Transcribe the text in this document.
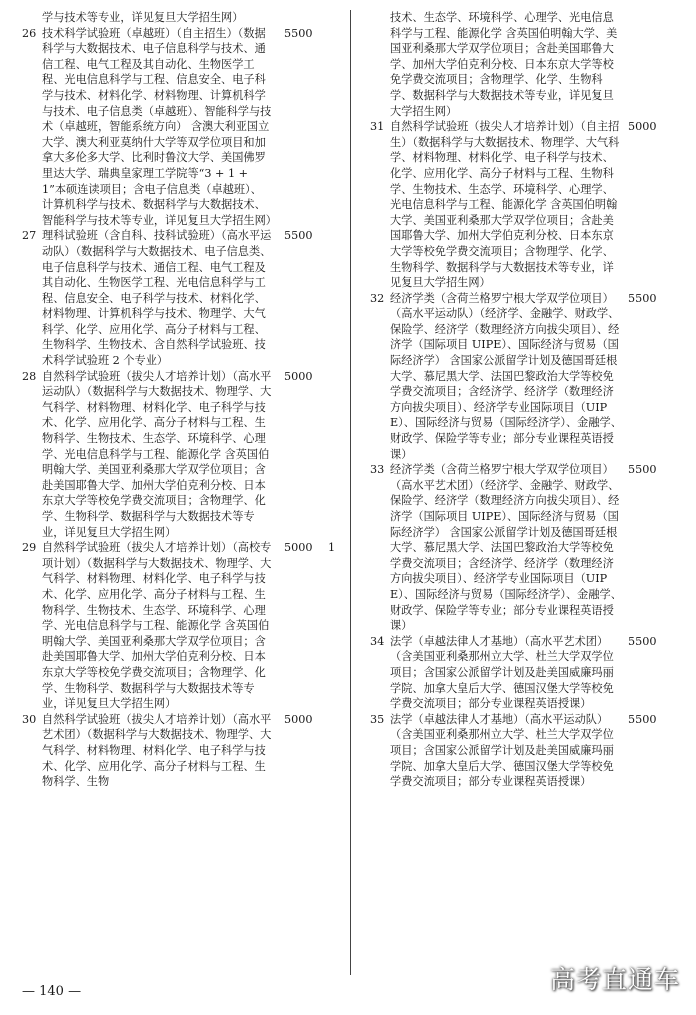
学与技术等专业，详见复旦大学招生网）
26 技术科学试验班（卓越班）（自主招生）（数据科学与大数据技术、电子信息科学与技术、通信工程、电气工程及其自动化、生物医学工程、光电信息科学与工程、信息安全、电子科学与技术、材料化学、材料物理、计算机科学与技术、电子信息类（卓越班）、智能科学与技术（卓越班，智能系统方向） 含澳大利亚国立大学、澳大利亚莫纳什大学等双学位项目和加拿大多伦多大学、比利时鲁汶大学、美国佛罗里达大学、瑞典皇家理工学院等“3 + 1 + 1”本硕连读项目；含电子信息类（卓越班）、计算机科学与技术、数据科学与大数据技术、智能科学与技术等专业，详见复旦大学招生网）
5500
27 理科试验班（含自科、技科试验班）（高水平运动队）（数据科学与大数据技术、电子信息类、电子信息科学与技术、通信工程、电气工程及其自动化、生物医学工程、光电信息科学与工程、信息安全、电子科学与技术、材料化学、材料物理、计算机科学与技术、物理学、大气科学、化学、应用化学、高分子材料与工程、生物科学、生物技术、含自然科学试验班、技术科学试验班 2 个专业）
5500
28 自然科学试验班（拔尖人才培养计划）（高水平运动队）（数据科学与大数据技术、物理学、大气科学、材料物理、材料化学、电子科学与技术、化学、应用化学、高分子材料与工程、生物科学、生物技术、生态学、环境科学、心理学、光电信息科学与工程、能源化学 含英国伯明翰大学、美国亚利桑那大学双学位项目；含赴美国耶鲁大学、加州大学伯克利分校、日本东京大学等校免学费交流项目；含物理学、化学、生物科学、数据科学与大数据技术等专业，详见复旦大学招生网）
5000
29 自然科学试验班（拔尖人才培养计划）（高校专项计划）（数据科学与大数据技术、物理学、大气科学、材料物理、材料化学、电子科学与技术、化学、应用化学、高分子材料与工程、生物科学、生物技术、生态学、环境科学、心理学、光电信息科学与工程、能源化学 含英国伯明翰大学、美国亚利桑那大学双学位项目；含赴美国耶鲁大学、加州大学伯克利分校、日本东京大学等校免学费交流项目；含物理学、化学、生物科学、数据科学与大数据技术等专业，详见复旦大学招生网）
5000 1
30 自然科学试验班（拔尖人才培养计划）（高水平艺术团）（数据科学与大数据技术、物理学、大气科学、材料物理、材料化学、电子科学与技术、化学、应用化学、高分子材料与工程、生物科学、生物
5000
技术、生态学、环境科学、心理学、光电信息科学与工程、能源化学 含英国伯明翰大学、美国亚利桑那大学双学位项目；含赴美国耶鲁大学、加州大学伯克利分校、日本东京大学等校免学费交流项目；含物理学、化学、生物科学、数据科学与大数据技术等专业，详见复旦大学招生网）
31 自然科学试验班（拔尖人才培养计划）（自主招生）（数据科学与大数据技术、物理学、大气科学、材料物理、材料化学、电子科学与技术、化学、应用化学、高分子材料与工程、生物科学、生物技术、生态学、环境科学、心理学、光电信息科学与工程、能源化学 含英国伯明翰大学、美国亚利桑那大学双学位项目；含赴美国耶鲁大学、加州大学伯克利分校、日本东京大学等校免学费交流项目；含物理学、化学、生物科学、数据科学与大数据技术等专业，详见复旦大学招生网）
5000
32 经济学类（含荷兰格罗宁根大学双学位项目）（高水平运动队）（经济学、金融学、财政学、保险学、经济学（数理经济方向拔尖项目）、经济学（国际项目 UIPE）、国际经济与贸易（国际经济学） 含国家公派留学计划及德国哥廷根大学、慕尼黑大学、法国巴黎政治大学等校免学费交流项目；含经济学、经济学（数理经济方向拔尖项目）、经济学专业国际项目（UIPE）、国际经济与贸易（国际经济学）、金融学、财政学、保险学等专业；部分专业课程英语授课）
5500
33 经济学类（含荷兰格罗宁根大学双学位项目）（高水平艺术团）（经济学、金融学、财政学、保险学、经济学（数理经济方向拔尖项目）、经济学（国际项目 UIPE）、国际经济与贸易（国际经济学） 含国家公派留学计划及德国哥廷根大学、慕尼黑大学、法国巴黎政治大学等校免学费交流项目；含经济学、经济学（数理经济方向拔尖项目）、经济学专业国际项目（UIPE）、国际经济与贸易（国际经济学）、金融学、财政学、保险学等专业；部分专业课程英语授课）
5500
34 法学（卓越法律人才基地）（高水平艺术团）（含美国亚利桑那州立大学、杜兰大学双学位项目；含国家公派留学计划及赴美国威廉玛丽学院、加拿大皇后大学、德国汉堡大学等校免学费交流项目；部分专业课程英语授课）
5500
35 法学（卓越法律人才基地）（高水平运动队）（含美国亚利桑那州立大学、杜兰大学双学位项目；含国家公派留学计划及赴美国威廉玛丽学院、加拿大皇后大学、德国汉堡大学等校免学费交流项目；部分专业课程英语授课）
5500
— 140 —	高考直通车
